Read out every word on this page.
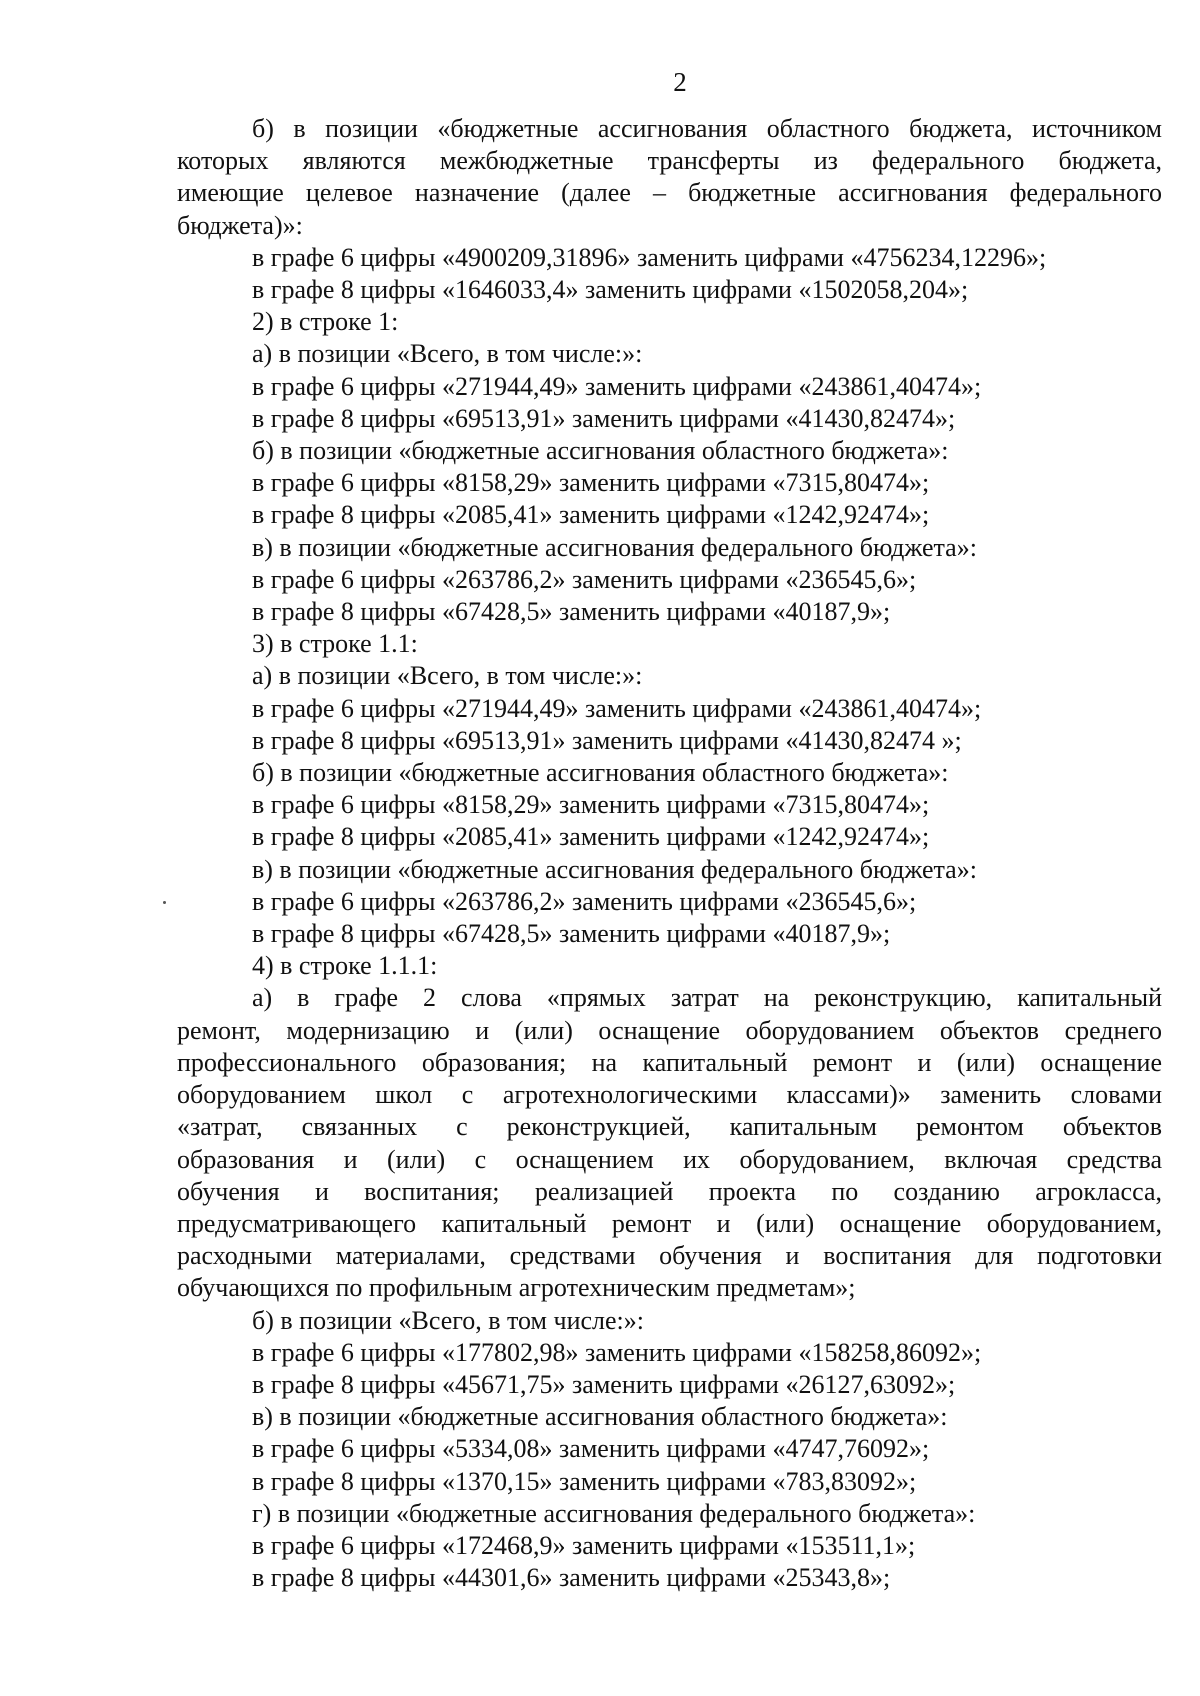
2

б) в позиции «бюджетные ассигнования областного бюджета, источником

которых являются межбюджетные трансферты из федерального бюджета,

имеющие целевое назначение (далее – бюджетные ассигнования федерального

бюджета)»:

в графе 6 цифры «4900209,31896» заменить цифрами «4756234,12296»;

в графе 8 цифры «1646033,4» заменить цифрами «1502058,204»;

2) в строке 1:

а) в позиции «Всего, в том числе:»:

в графе 6 цифры «271944,49» заменить цифрами «243861,40474»;

в графе 8 цифры «69513,91» заменить цифрами «41430,82474»;

б) в позиции «бюджетные ассигнования областного бюджета»:

в графе 6 цифры «8158,29» заменить цифрами «7315,80474»;

в графе 8 цифры «2085,41» заменить цифрами «1242,92474»;

в) в позиции «бюджетные ассигнования федерального бюджета»:

в графе 6 цифры «263786,2» заменить цифрами «236545,6»;

в графе 8 цифры «67428,5» заменить цифрами «40187,9»;

3) в строке 1.1:

а) в позиции «Всего, в том числе:»:

в графе 6 цифры «271944,49» заменить цифрами «243861,40474»;

в графе 8 цифры «69513,91» заменить цифрами «41430,82474 »;

б) в позиции «бюджетные ассигнования областного бюджета»:

в графе 6 цифры «8158,29» заменить цифрами «7315,80474»;

в графе 8 цифры «2085,41» заменить цифрами «1242,92474»;

в) в позиции «бюджетные ассигнования федерального бюджета»:

в графе 6 цифры «263786,2» заменить цифрами «236545,6»;

в графе 8 цифры «67428,5» заменить цифрами «40187,9»;

4) в строке 1.1.1:

а) в графе 2 слова «прямых затрат на реконструкцию, капитальный

ремонт, модернизацию и (или) оснащение оборудованием объектов среднего

профессионального образования; на капитальный ремонт и (или) оснащение

оборудованием школ с агротехнологическими классами)» заменить словами

«затрат, связанных с реконструкцией, капитальным ремонтом объектов

образования и (или) с оснащением их оборудованием, включая средства

обучения и воспитания; реализацией проекта по созданию агрокласса,

предусматривающего капитальный ремонт и (или) оснащение оборудованием,

расходными материалами, средствами обучения и воспитания для подготовки

обучающихся по профильным агротехническим предметам»;

б) в позиции «Всего, в том числе:»:

в графе 6 цифры «177802,98» заменить цифрами «158258,86092»;

в графе 8 цифры «45671,75» заменить цифрами «26127,63092»;

в) в позиции «бюджетные ассигнования областного бюджета»:

в графе 6 цифры «5334,08» заменить цифрами «4747,76092»;

в графе 8 цифры «1370,15» заменить цифрами «783,83092»;

г) в позиции «бюджетные ассигнования федерального бюджета»:

в графе 6 цифры «172468,9» заменить цифрами «153511,1»;

в графе 8 цифры «44301,6» заменить цифрами «25343,8»;
